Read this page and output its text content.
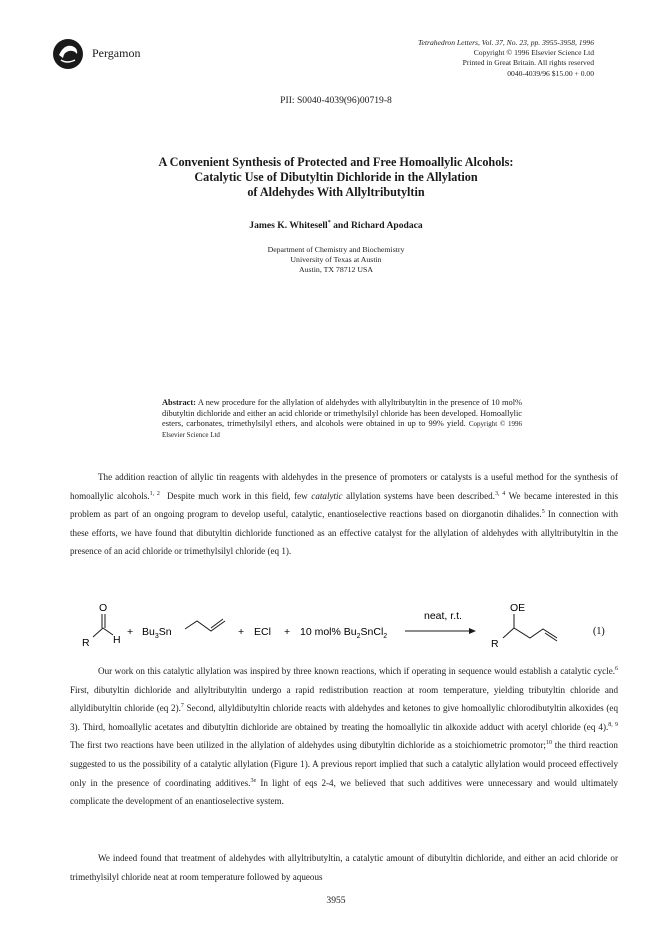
Pergamon
Tetrahedron Letters, Vol. 37, No. 23, pp. 3955-3958, 1996
Copyright © 1996 Elsevier Science Ltd
Printed in Great Britain. All rights reserved
0040-4039/96 $15.00 + 0.00
PII: S0040-4039(96)00719-8
A Convenient Synthesis of Protected and Free Homoallylic Alcohols:
Catalytic Use of Dibutyltin Dichloride in the Allylation
of Aldehydes With Allyltributyltin
James K. Whitesell* and Richard Apodaca
Department of Chemistry and Biochemistry
University of Texas at Austin
Austin, TX 78712 USA
Abstract: A new procedure for the allylation of aldehydes with allyltributyltin in the presence of 10 mol% dibutyltin dichloride and either an acid chloride or trimethylsilyl chloride has been developed. Homoallylic esters, carbonates, trimethylsilyl ethers, and alcohols were obtained in up to 99% yield. Copyright © 1996 Elsevier Science Ltd
The addition reaction of allylic tin reagents with aldehydes in the presence of promoters or catalysts is a useful method for the synthesis of homoallylic alcohols.$^{1, 2}$ Despite much work in this field, few catalytic allylation systems have been described.$^{3, 4}$ We became interested in this problem as part of an ongoing program to develop useful, catalytic, enantioselective reactions based on diorganotin dihalides.$^5$ In connection with these efforts, we have found that dibutyltin dichloride functioned as an effective catalyst for the allylation of aldehydes with allyltributyltin in the presence of an acid chloride or trimethylsilyl chloride (eq 1).
O
R H
+ $Bu_3Sn$	+ ECl + 10 mol% $Bu_2SnCl_2$
neat, r.t.
OE
R
(1)
Our work on this catalytic allylation was inspired by three known reactions, which if operating in sequence would establish a catalytic cycle.$^6$ First, dibutyltin dichloride and allyltributyltin undergo a rapid redistribution reaction at room temperature, yielding tributyltin chloride and allyldibutyltin chloride (eq 2).$^7$ Second, allyldibutyltin chloride reacts with aldehydes and ketones to give homoallylic chlorodibutyltin alkoxides (eq 3). Third, homoallylic acetates and dibutyltin dichloride are obtained by treating the homoallylic tin alkoxide adduct with acetyl chloride (eq 4).$^{8, 9}$ The first two reactions have been utilized in the allylation of aldehydes using dibutyltin dichloride as a stoichiometric promotor;$^{10}$ the third reaction suggested to us the possibility of a catalytic allylation (Figure 1). A previous report implied that such a catalytic allylation would proceed effectively only in the presence of coordinating additives.$^{3e}$ In light of eqs 2-4, we believed that such additives were unnecessary and would ultimately complicate the development of an enantioselective system.
We indeed found that treatment of aldehydes with allyltributyltin, a catalytic amount of dibutyltin dichloride, and either an acid chloride or trimethylsilyl chloride neat at room temperature followed by aqueous
3955
